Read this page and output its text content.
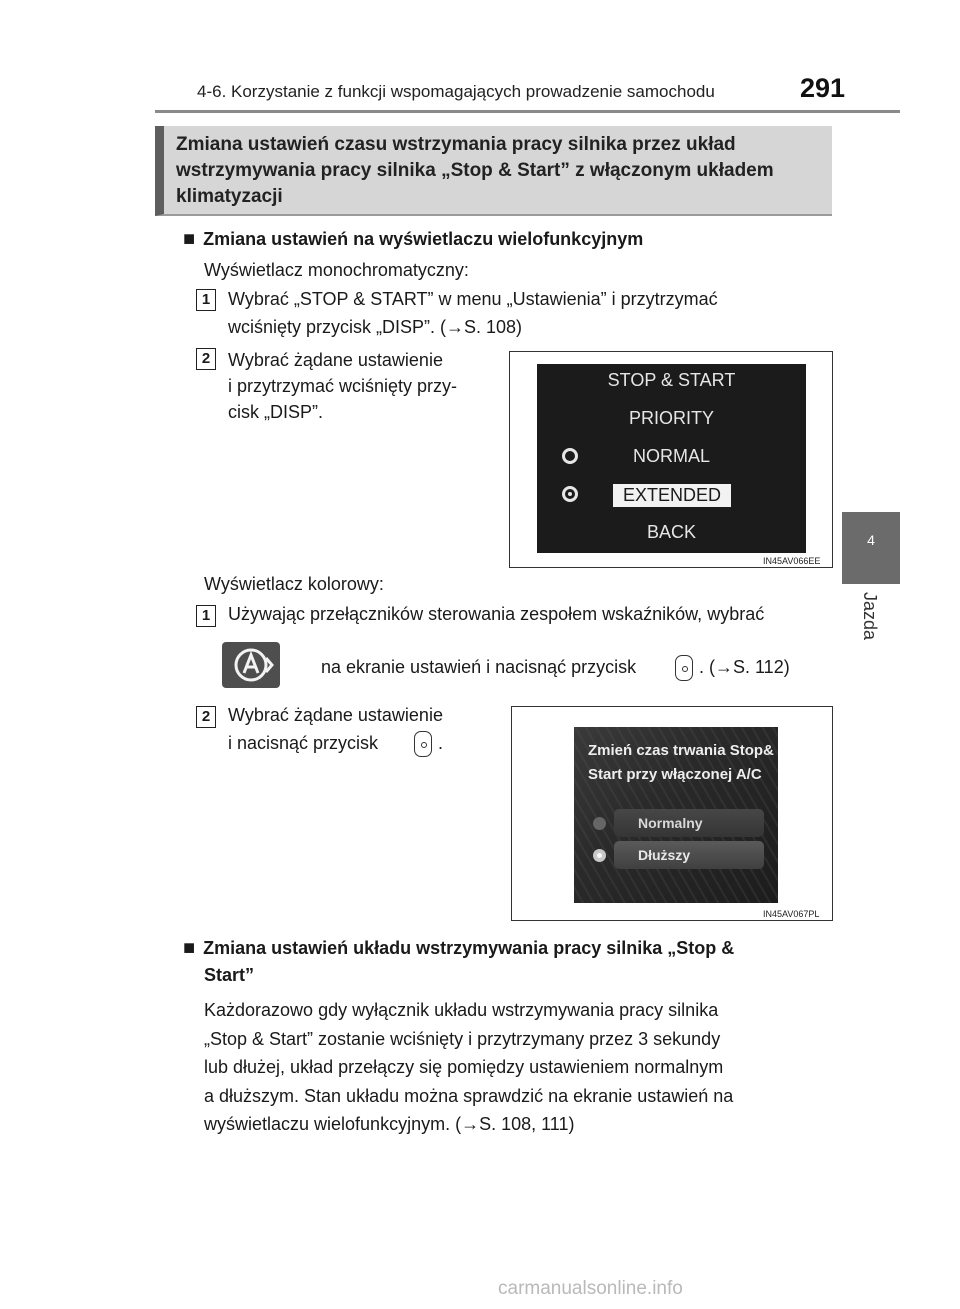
4-6. Korzystanie z funkcji wspomagających prowadzenie samochodu	291
4
Jazda
Zmiana ustawień czasu wstrzymania pracy silnika przez układ
wstrzymywania pracy silnika „Stop & Start” z włączonym układem
klimatyzacji
■ Zmiana ustawień na wyświetlaczu wielofunkcyjnym
Wyświetlacz monochromatyczny:
1 Wybrać „STOP & START” w menu „Ustawienia” i przytrzymać
wciśnięty przycisk „DISP”. (→S. 108)
2 Wybrać żądane ustawienie
i przytrzymać wciśnięty przy-
cisk „DISP”.
STOP & START
PRIORITY
NORMAL
EXTENDED
BACK
IN45AV066EE
Wyświetlacz kolorowy:
1 Używając przełączników sterowania zespołem wskaźników, wybrać
na ekranie ustawień i nacisnąć przycisk	. (→S. 112)
2 Wybrać żądane ustawienie
i nacisnąć przycisk	.	Zmień czas trwania Stop&
Start przy włączonej A/C
Normalny
Dłuższy
IN45AV067PL
■ Zmiana ustawień układu wstrzymywania pracy silnika „Stop &
Start”
Każdorazowo gdy wyłącznik układu wstrzymywania pracy silnika
„Stop & Start” zostanie wciśnięty i przytrzymany przez 3 sekundy
lub dłużej, układ przełączy się pomiędzy ustawieniem normalnym
a dłuższym. Stan układu można sprawdzić na ekranie ustawień na
wyświetlaczu wielofunkcyjnym. (→S. 108, 111)
carmanualsonline.info
